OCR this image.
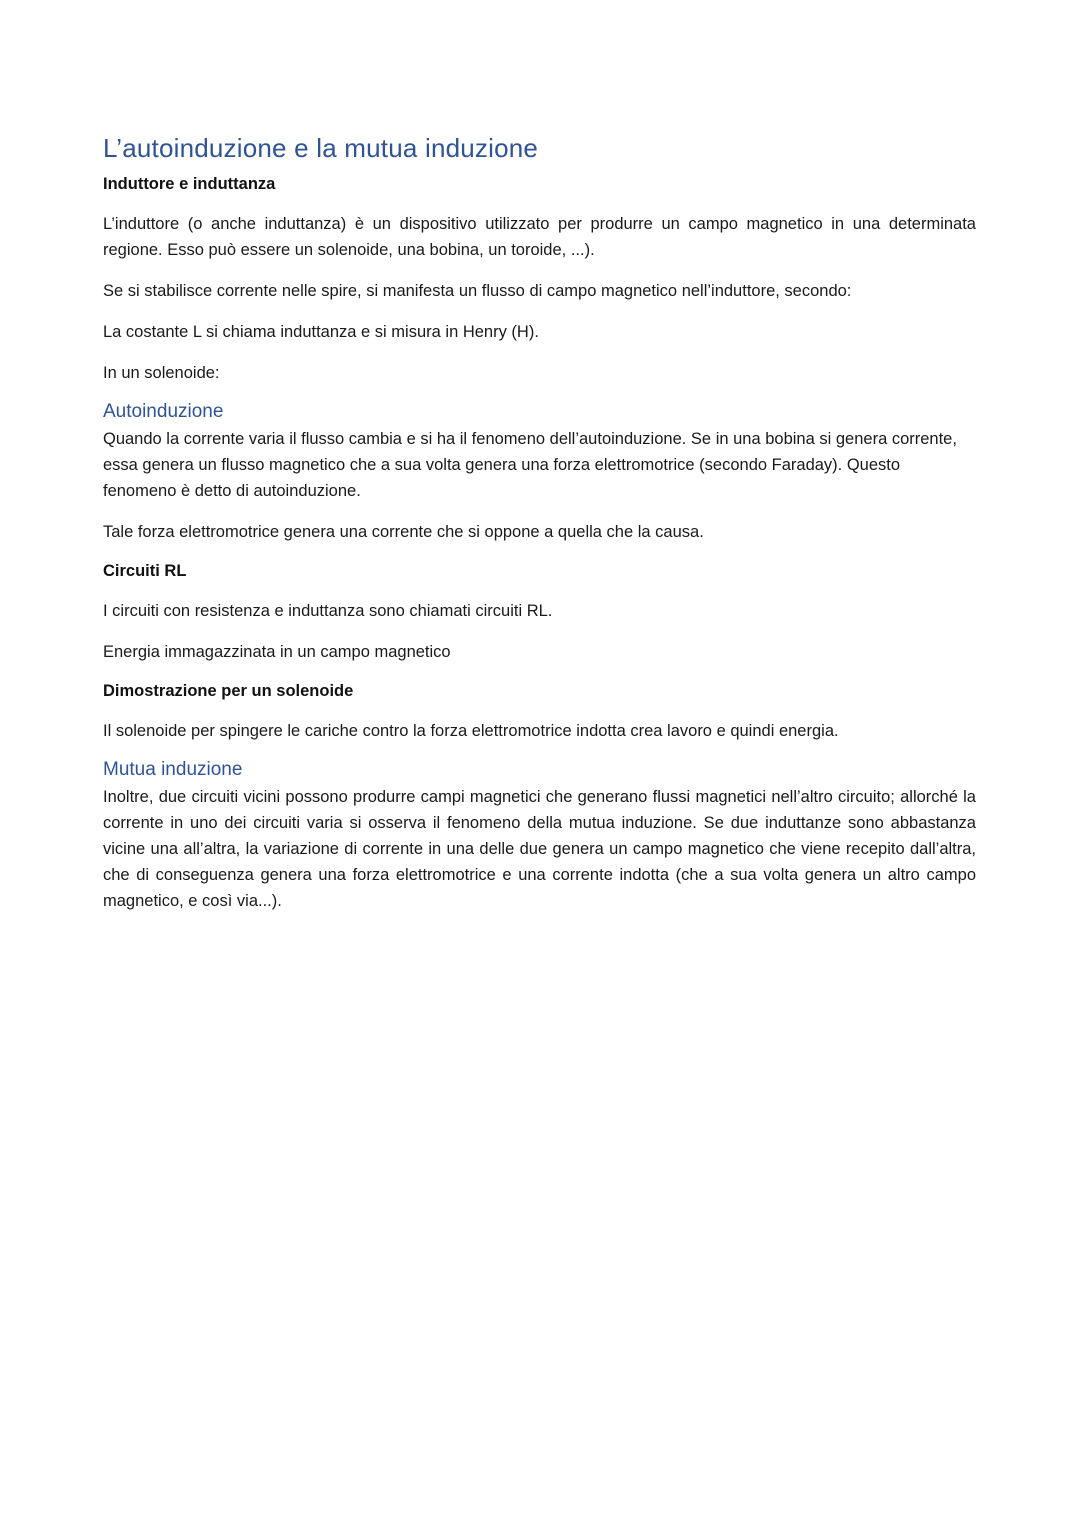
L’autoinduzione e la mutua induzione
Induttore e induttanza

L’induttore (o anche induttanza) è un dispositivo utilizzato per produrre un campo magnetico in una determinata regione. Esso può essere un solenoide, una bobina, un toroide, ...).

Se si stabilisce corrente nelle spire, si manifesta un flusso di campo magnetico nell’induttore, secondo:

La costante L si chiama induttanza e si misura in Henry (H).

In un solenoide:

Autoinduzione

Quando la corrente varia il flusso cambia e si ha il fenomeno dell’autoinduzione. Se in una bobina si genera corrente, essa genera un flusso magnetico che a sua volta genera una forza elettromotrice (secondo Faraday). Questo fenomeno è detto di autoinduzione.

Tale forza elettromotrice genera una corrente che si oppone a quella che la causa.

Circuiti RL

I circuiti con resistenza e induttanza sono chiamati circuiti RL.

Energia immagazzinata in un campo magnetico

Dimostrazione per un solenoide

Il solenoide per spingere le cariche contro la forza elettromotrice indotta crea lavoro e quindi energia.

Mutua induzione

Inoltre, due circuiti vicini possono produrre campi magnetici che generano flussi magnetici nell’altro circuito; allorché la corrente in uno dei circuiti varia si osserva il fenomeno della mutua induzione. Se due induttanze sono abbastanza vicine una all’altra, la variazione di corrente in una delle due genera un campo magnetico che viene recepito dall’altra, che di conseguenza genera una forza elettromotrice e una corrente indotta (che a sua volta genera un altro campo magnetico, e così via...).
